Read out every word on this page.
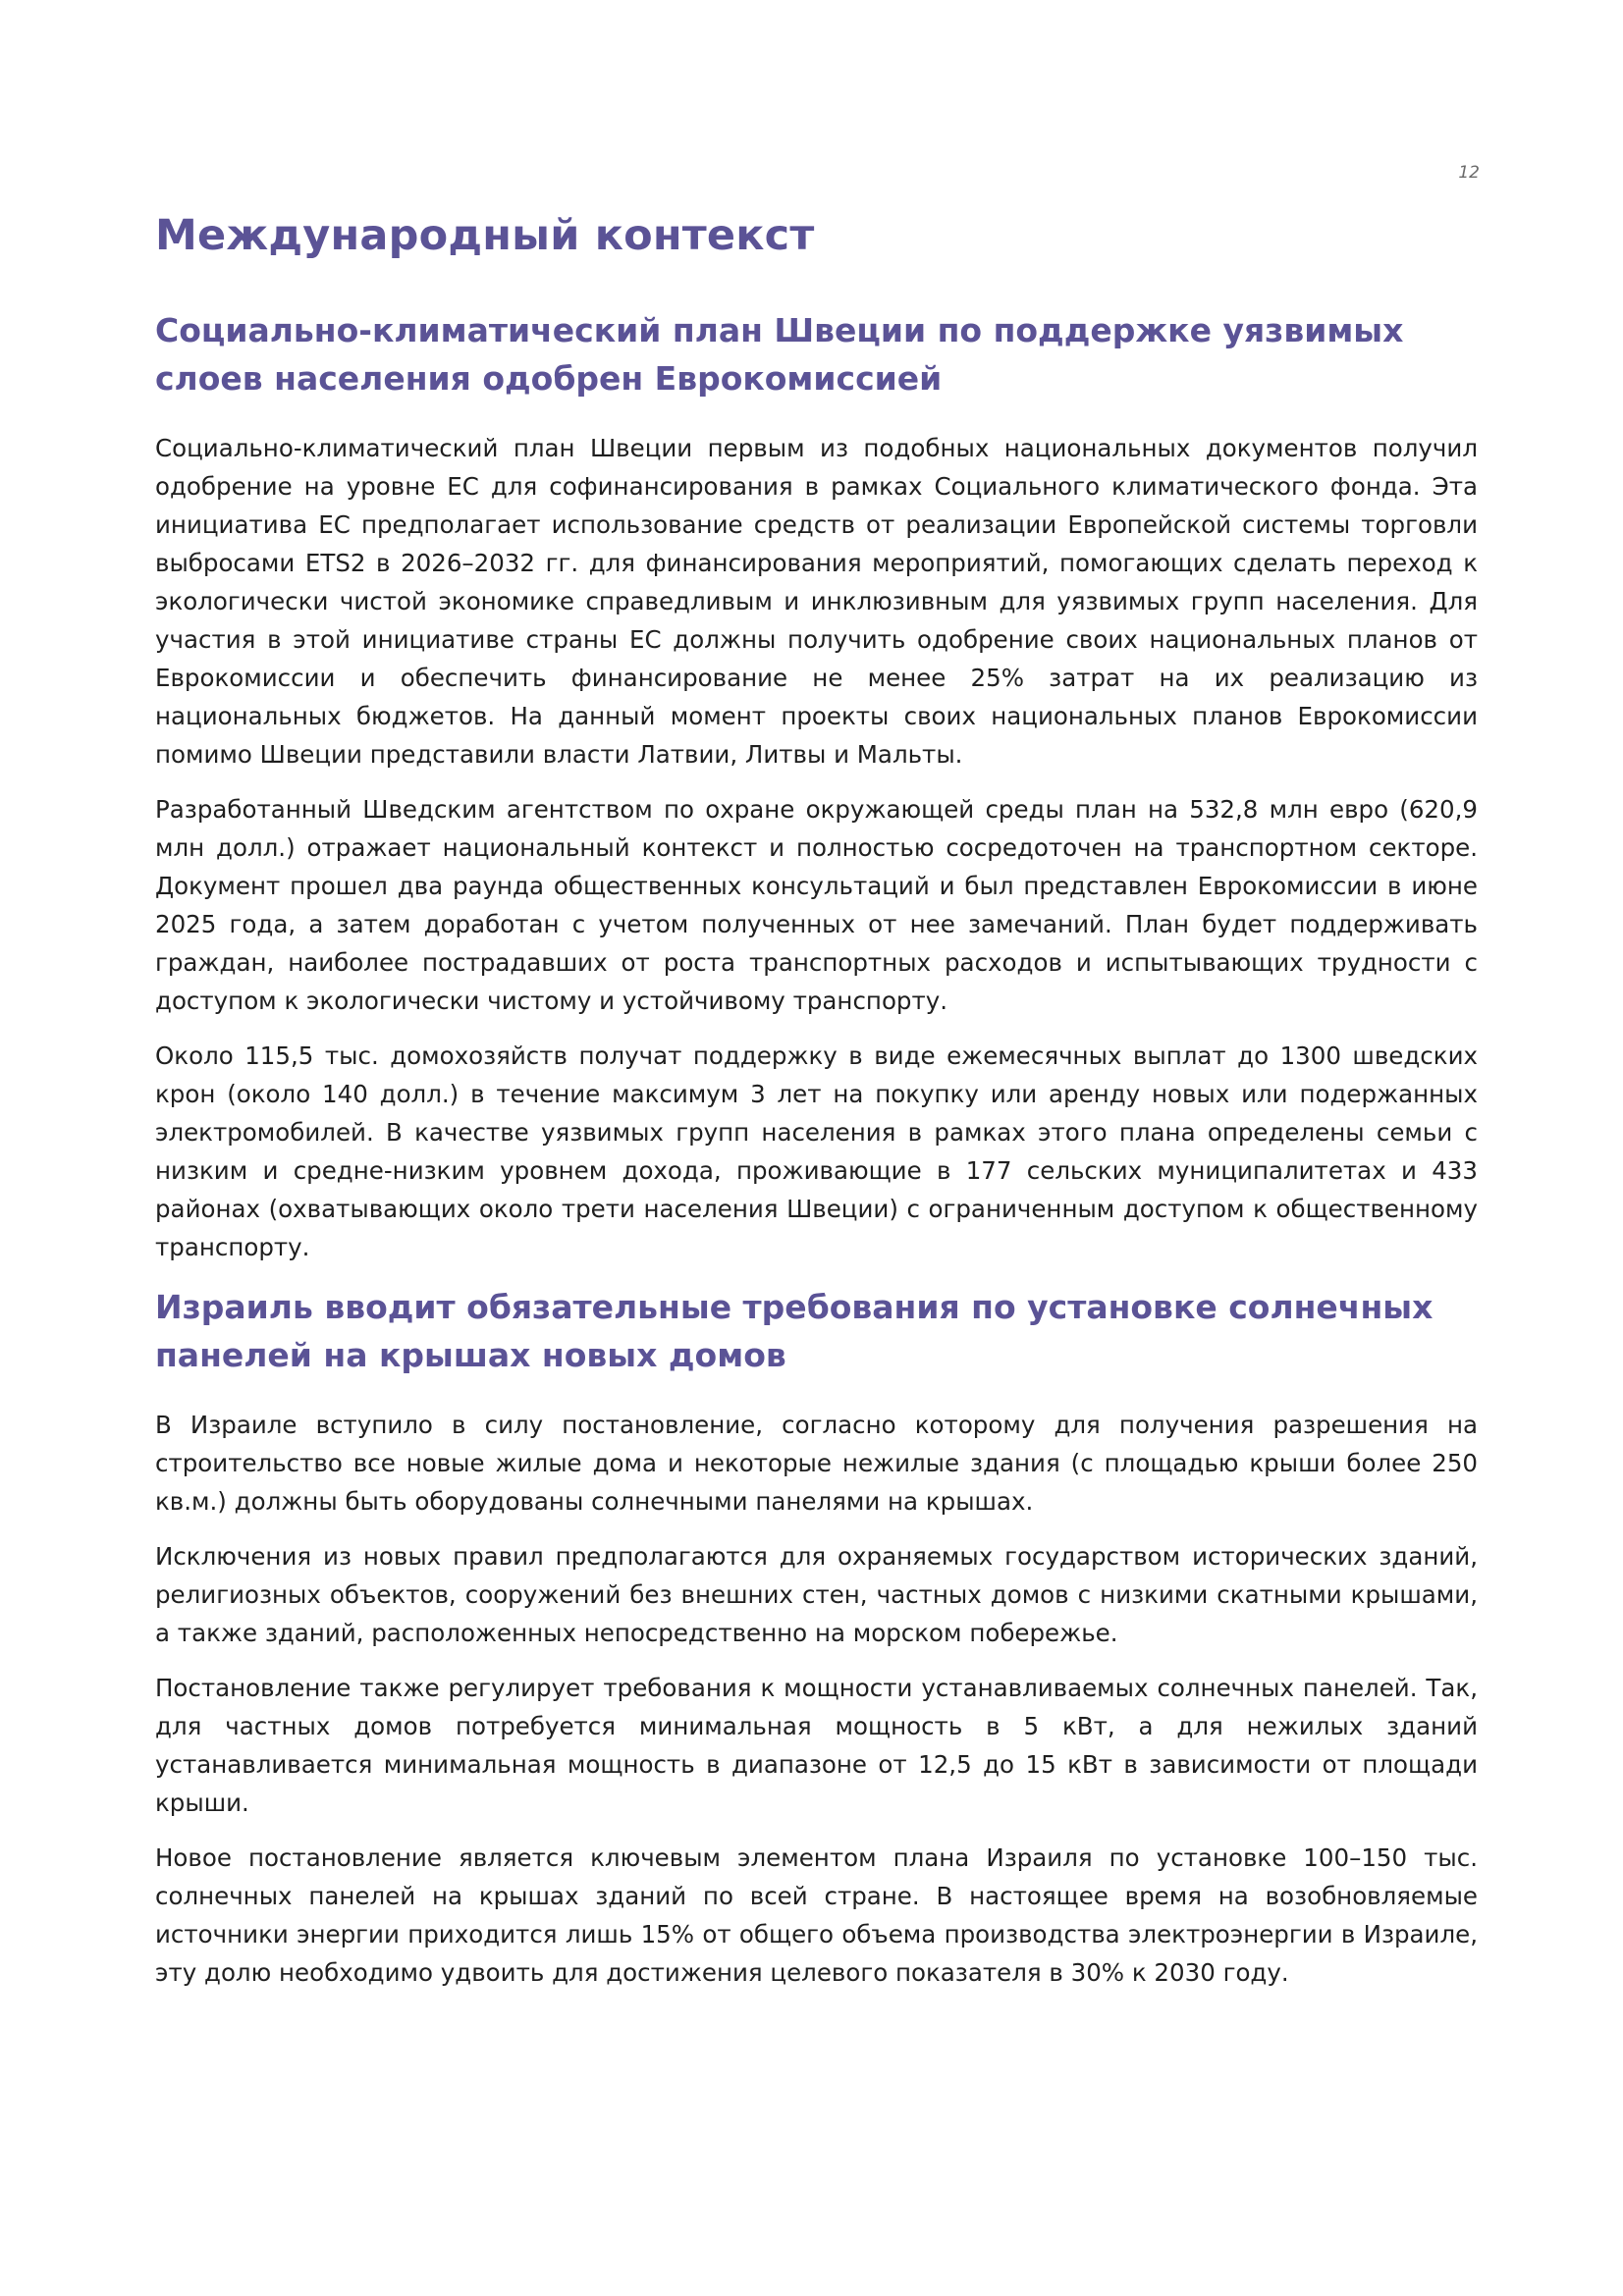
12
Международный контекст
Социально-климатический план Швеции по поддержке уязвимых слоев населения одобрен Еврокомиссией

Социально-климатический план Швеции первым из подобных национальных документов получил одобрение на уровне ЕС для софинансирования в рамках Социального климатического фонда. Эта инициатива ЕС предполагает использование средств от реализации Европейской системы торговли выбросами ETS2 в 2026–2032 гг. для финансирования мероприятий, помогающих сделать переход к экологически чистой экономике справедливым и инклюзивным для уязвимых групп населения. Для участия в этой инициативе страны ЕС должны получить одобрение своих национальных планов от Еврокомиссии и обеспечить финансирование не менее 25% затрат на их реализацию из национальных бюджетов. На данный момент проекты своих национальных планов Еврокомиссии помимо Швеции представили власти Латвии, Литвы и Мальты.

Разработанный Шведским агентством по охране окружающей среды план на 532,8 млн евро (620,9 млн долл.) отражает национальный контекст и полностью сосредоточен на транспортном секторе. Документ прошел два раунда общественных консультаций и был представлен Еврокомиссии в июне 2025 года, а затем доработан с учетом полученных от нее замечаний. План будет поддерживать граждан, наиболее пострадавших от роста транспортных расходов и испытывающих трудности с доступом к экологически чистому и устойчивому транспорту.

Около 115,5 тыс. домохозяйств получат поддержку в виде ежемесячных выплат до 1300 шведских крон (около 140 долл.) в течение максимум 3 лет на покупку или аренду новых или подержанных электромобилей. В качестве уязвимых групп населения в рамках этого плана определены семьи с низким и средне-низким уровнем дохода, проживающие в 177 сельских муниципалитетах и 433 районах (охватывающих около трети населения Швеции) с ограниченным доступом к общественному транспорту.

Израиль вводит обязательные требования по установке солнечных панелей на крышах новых домов

В Израиле вступило в силу постановление, согласно которому для получения разрешения на строительство все новые жилые дома и некоторые нежилые здания (с площадью крыши более 250 кв.м.) должны быть оборудованы солнечными панелями на крышах.

Исключения из новых правил предполагаются для охраняемых государством исторических зданий, религиозных объектов, сооружений без внешних стен, частных домов с низкими скатными крышами, а также зданий, расположенных непосредственно на морском побережье.

Постановление также регулирует требования к мощности устанавливаемых солнечных панелей. Так, для частных домов потребуется минимальная мощность в 5 кВт, а для нежилых зданий устанавливается минимальная мощность в диапазоне от 12,5 до 15 кВт в зависимости от площади крыши.

Новое постановление является ключевым элементом плана Израиля по установке 100–150 тыс. солнечных панелей на крышах зданий по всей стране. В настоящее время на возобновляемые источники энергии приходится лишь 15% от общего объема производства электроэнергии в Израиле, эту долю необходимо удвоить для достижения целевого показателя в 30% к 2030 году.
